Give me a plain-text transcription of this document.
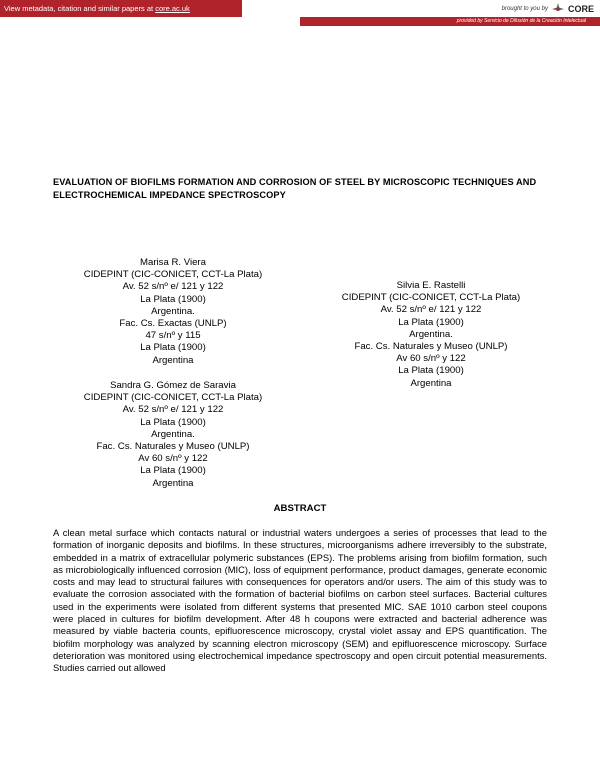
View metadata, citation and similar papers at core.ac.uk	brought to you by CORE
provided by Servicio de Difusión de la Creación Intelectual
EVALUATION OF BIOFILMS FORMATION AND CORROSION OF STEEL BY MICROSCOPIC TECHNIQUES AND ELECTROCHEMICAL IMPEDANCE SPECTROSCOPY
Marisa R. Viera
CIDEPINT (CIC-CONICET, CCT-La Plata)
Av. 52 s/nº e/ 121 y 122
La Plata (1900)
Argentina.
Fac. Cs. Exactas (UNLP)
47 s/nº y 115
La Plata (1900)
Argentina
Sandra G. Gómez de Saravia
CIDEPINT (CIC-CONICET, CCT-La Plata)
Av. 52 s/nº e/ 121 y 122
La Plata (1900)
Argentina.
Fac. Cs. Naturales y Museo (UNLP)
Av 60 s/nº y 122
La Plata (1900)
Argentina
Silvia E. Rastelli
CIDEPINT (CIC-CONICET, CCT-La Plata)
Av. 52 s/nº e/ 121 y 122
La Plata (1900)
Argentina.
Fac. Cs. Naturales y Museo (UNLP)
Av 60 s/nº y 122
La Plata (1900)
Argentina
ABSTRACT
A clean metal surface which contacts natural or industrial waters undergoes a series of processes that lead to the formation of inorganic deposits and biofilms. In these structures, microorganisms adhere irreversibly to the substrate, embedded in a matrix of extracellular polymeric substances (EPS). The problems arising from biofilm formation, such as microbiologically influenced corrosion (MIC), loss of equipment performance, product damages, generate economic costs and may lead to structural failures with consequences for operators and/or users. The aim of this study was to evaluate the corrosion associated with the formation of bacterial biofilms on carbon steel surfaces. Bacterial cultures used in the experiments were isolated from different systems that presented MIC. SAE 1010 carbon steel coupons were placed in cultures for biofilm development. After 48 h coupons were extracted and bacterial adherence was measured by viable bacteria counts, epifluorescence microscopy, crystal violet assay and EPS quantification. The biofilm morphology was analyzed by scanning electron microscopy (SEM) and epifluorescence microscopy. Surface deterioration was monitored using electrochemical impedance spectroscopy and open circuit potential measurements. Studies carried out allowed
